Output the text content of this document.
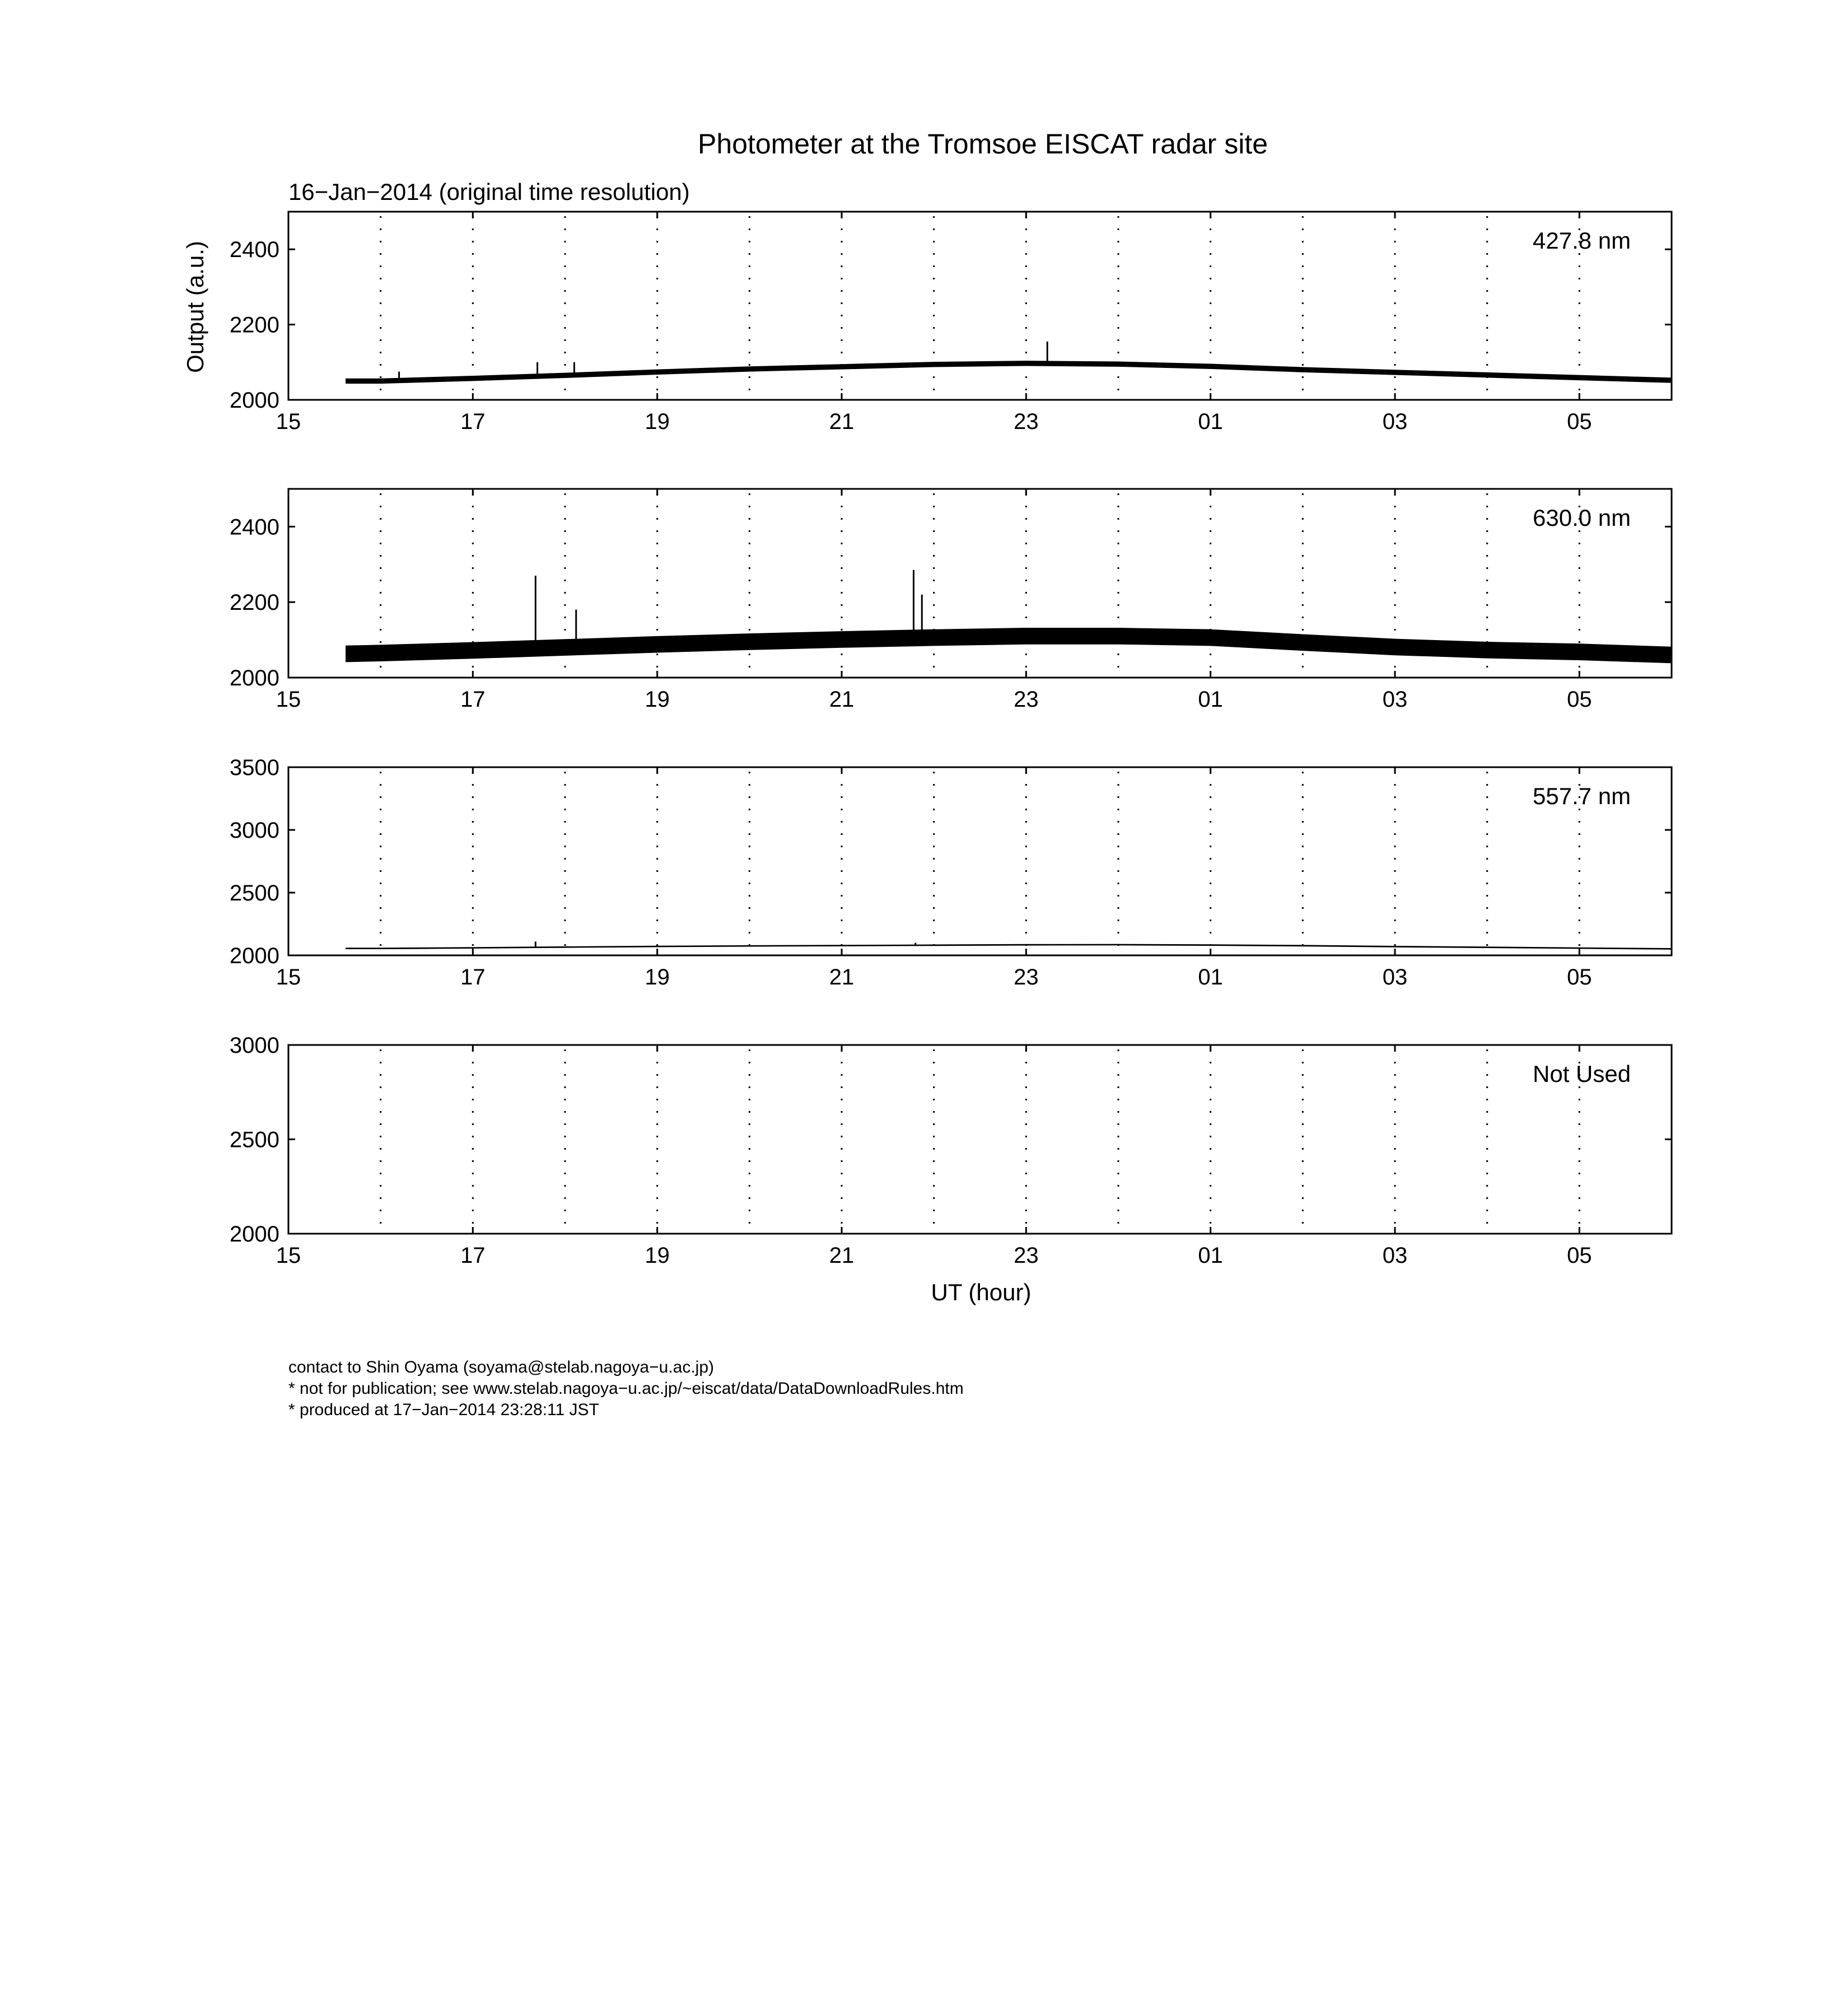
Photometer at the Tromsoe EISCAT radar site
16−Jan−2014 (original time resolution)
Output (a.u.)
15	17	19	21	23	01	03	05
2000
2200
2400	427.8 nm
15	17	19	21	23	01	03	05
2000
2200
2400	630.0 nm
15	17	19	21	23	01	03	05
2000
2500
3000
3500
557.7 nm
15	17	19	21	23	01	03	05
2000
2500
3000
Not Used
UT (hour)
contact to Shin Oyama (soyama@stelab.nagoya−u.ac.jp)
* not for publication; see www.stelab.nagoya−u.ac.jp/~eiscat/data/DataDownloadRules.htm
* produced at 17−Jan−2014 23:28:11 JST
